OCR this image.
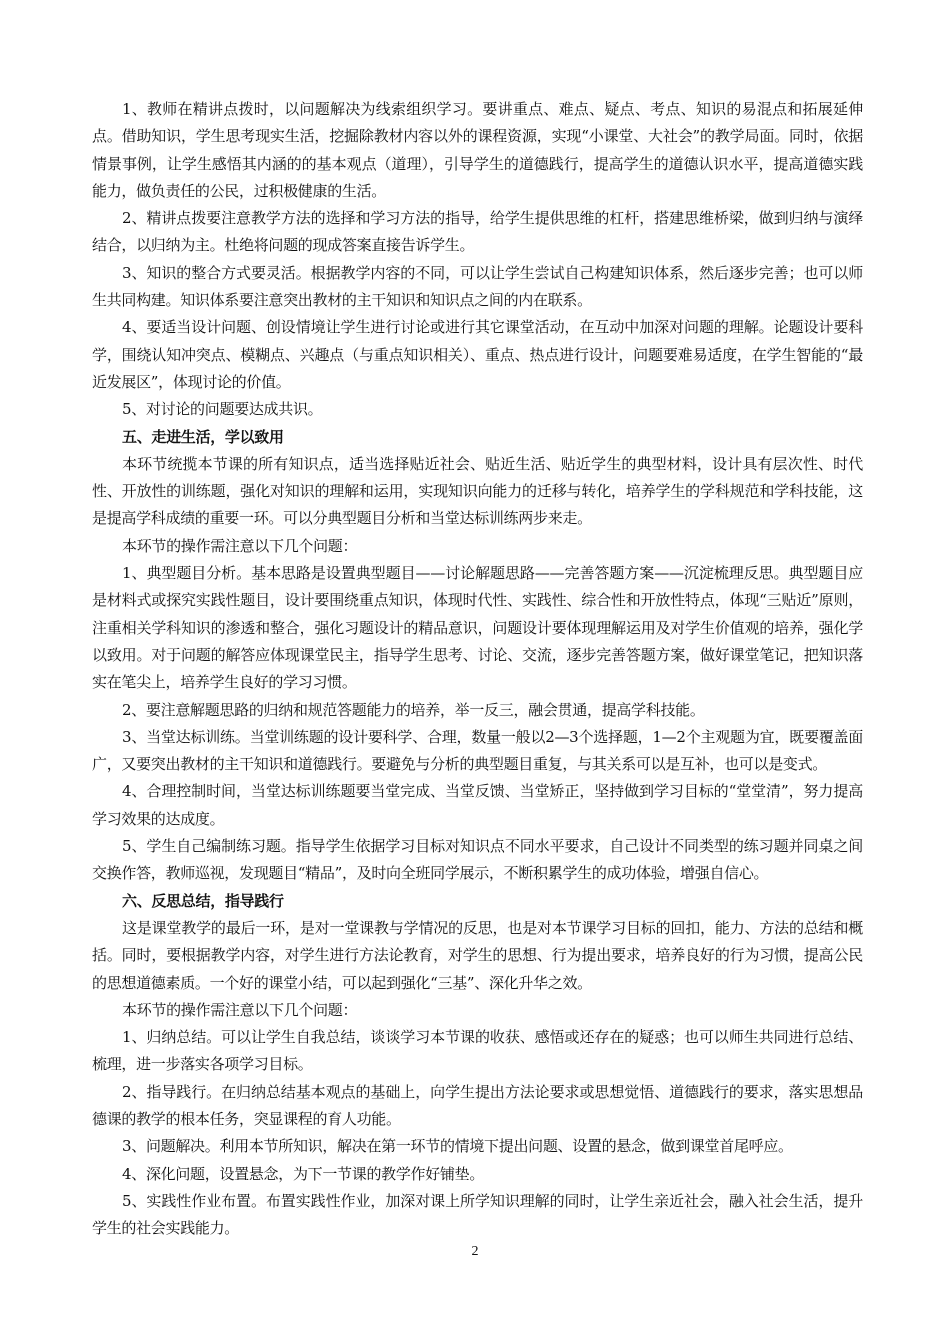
1、教师在精讲点拨时，以问题解决为线索组织学习。要讲重点、难点、疑点、考点、知识的易混点和拓展延伸点。借助知识，学生思考现实生活，挖掘除教材内容以外的课程资源，实现“小课堂、大社会”的教学局面。同时，依据情景事例，让学生感悟其内涵的的基本观点（道理），引导学生的道德践行，提高学生的道德认识水平，提高道德实践能力，做负责任的公民，过积极健康的生活。

2、精讲点拨要注意教学方法的选择和学习方法的指导，给学生提供思维的杠杆，搭建思维桥梁，做到归纳与演绎结合，以归纳为主。杜绝将问题的现成答案直接告诉学生。

3、知识的整合方式要灵活。根据教学内容的不同，可以让学生尝试自己构建知识体系，然后逐步完善；也可以师生共同构建。知识体系要注意突出教材的主干知识和知识点之间的内在联系。

4、要适当设计问题、创设情境让学生进行讨论或进行其它课堂活动，在互动中加深对问题的理解。论题设计要科学，围绕认知冲突点、模糊点、兴趣点（与重点知识相关）、重点、热点进行设计，问题要难易适度，在学生智能的“最近发展区”，体现讨论的价值。

5、对讨论的问题要达成共识。

五、走进生活，学以致用

本环节统揽本节课的所有知识点，适当选择贴近社会、贴近生活、贴近学生的典型材料，设计具有层次性、时代性、开放性的训练题，强化对知识的理解和运用，实现知识向能力的迁移与转化，培养学生的学科规范和学科技能，这是提高学科成绩的重要一环。可以分典型题目分析和当堂达标训练两步来走。

本环节的操作需注意以下几个问题：

1、典型题目分析。基本思路是设置典型题目——讨论解题思路——完善答题方案——沉淀梳理反思。典型题目应是材料式或探究实践性题目，设计要围绕重点知识，体现时代性、实践性、综合性和开放性特点，体现“三贴近”原则，注重相关学科知识的渗透和整合，强化习题设计的精品意识，问题设计要体现理解运用及对学生价值观的培养，强化学以致用。对于问题的解答应体现课堂民主，指导学生思考、讨论、交流，逐步完善答题方案，做好课堂笔记，把知识落实在笔尖上，培养学生良好的学习习惯。

2、要注意解题思路的归纳和规范答题能力的培养，举一反三，融会贯通，提高学科技能。

3、当堂达标训练。当堂训练题的设计要科学、合理，数量一般以2—3个选择题，1—2个主观题为宜，既要覆盖面广，又要突出教材的主干知识和道德践行。要避免与分析的典型题目重复，与其关系可以是互补，也可以是变式。

4、合理控制时间，当堂达标训练题要当堂完成、当堂反馈、当堂矫正，坚持做到学习目标的“堂堂清”，努力提高学习效果的达成度。

5、学生自己编制练习题。指导学生依据学习目标对知识点不同水平要求，自己设计不同类型的练习题并同桌之间交换作答，教师巡视，发现题目“精品”，及时向全班同学展示，不断积累学生的成功体验，增强自信心。

六、反思总结，指导践行

这是课堂教学的最后一环，是对一堂课教与学情况的反思，也是对本节课学习目标的回扣，能力、方法的总结和概括。同时，要根据教学内容，对学生进行方法论教育，对学生的思想、行为提出要求，培养良好的行为习惯，提高公民的思想道德素质。一个好的课堂小结，可以起到强化“三基”、深化升华之效。

本环节的操作需注意以下几个问题：

1、归纳总结。可以让学生自我总结，谈谈学习本节课的收获、感悟或还存在的疑惑；也可以师生共同进行总结、梳理，进一步落实各项学习目标。

2、指导践行。在归纳总结基本观点的基础上，向学生提出方法论要求或思想觉悟、道德践行的要求，落实思想品德课的教学的根本任务，突显课程的育人功能。

3、问题解决。利用本节所知识，解决在第一环节的情境下提出问题、设置的悬念，做到课堂首尾呼应。

4、深化问题，设置悬念，为下一节课的教学作好铺垫。

5、实践性作业布置。布置实践性作业，加深对课上所学知识理解的同时，让学生亲近社会，融入社会生活，提升学生的社会实践能力。

2
